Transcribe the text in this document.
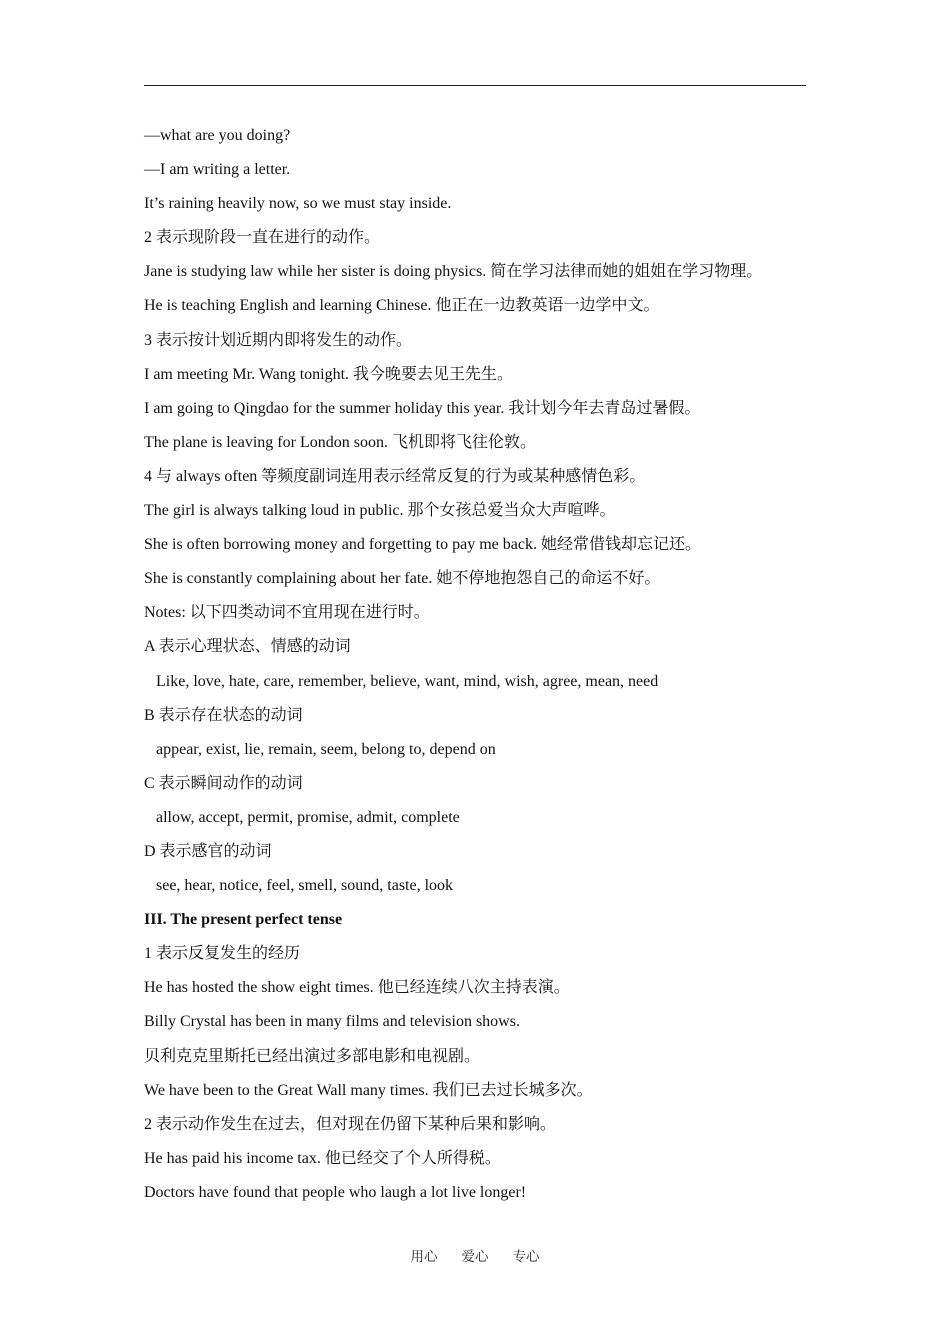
—what are you doing?
—I am writing a letter.
It’s raining heavily now, so we must stay inside.
2 表示现阶段一直在进行的动作。
Jane is studying law while her sister is doing physics. 简在学习法律而她的姐姐在学习物理。
He is teaching English and learning Chinese. 他正在一边教英语一边学中文。
3 表示按计划近期内即将发生的动作。
I am meeting Mr. Wang tonight. 我今晚要去见王先生。
I am going to Qingdao for the summer holiday this year. 我计划今年去青岛过暑假。
The plane is leaving for London soon. 飞机即将飞往伦敦。
4 与 always often 等频度副词连用表示经常反复的行为或某种感情色彩。
The girl is always talking loud in public. 那个女孩总爱当众大声喧哗。
She is often borrowing money and forgetting to pay me back. 她经常借钱却忘记还。
She is constantly complaining about her fate. 她不停地抱怨自己的命运不好。
Notes: 以下四类动词不宜用现在进行时。
A 表示心理状态、情感的动词
Like, love, hate, care, remember, believe, want, mind, wish, agree, mean, need
B 表示存在状态的动词
appear, exist, lie, remain, seem, belong to, depend on
C 表示瞬间动作的动词
allow, accept, permit, promise, admit, complete
D 表示感官的动词
see, hear, notice, feel, smell, sound, taste, look
III. The present perfect tense
1 表示反复发生的经历
He has hosted the show eight times. 他已经连续八次主持表演。
Billy Crystal has been in many films and television shows.
贝利克克里斯托已经出演过多部电影和电视剧。
We have been to the Great Wall many times. 我们已去过长城多次。
2 表示动作发生在过去，但对现在仍留下某种后果和影响。
He has paid his income tax. 他已经交了个人所得税。
Doctors have found that people who laugh a lot live longer!
用心 爱心 专心
